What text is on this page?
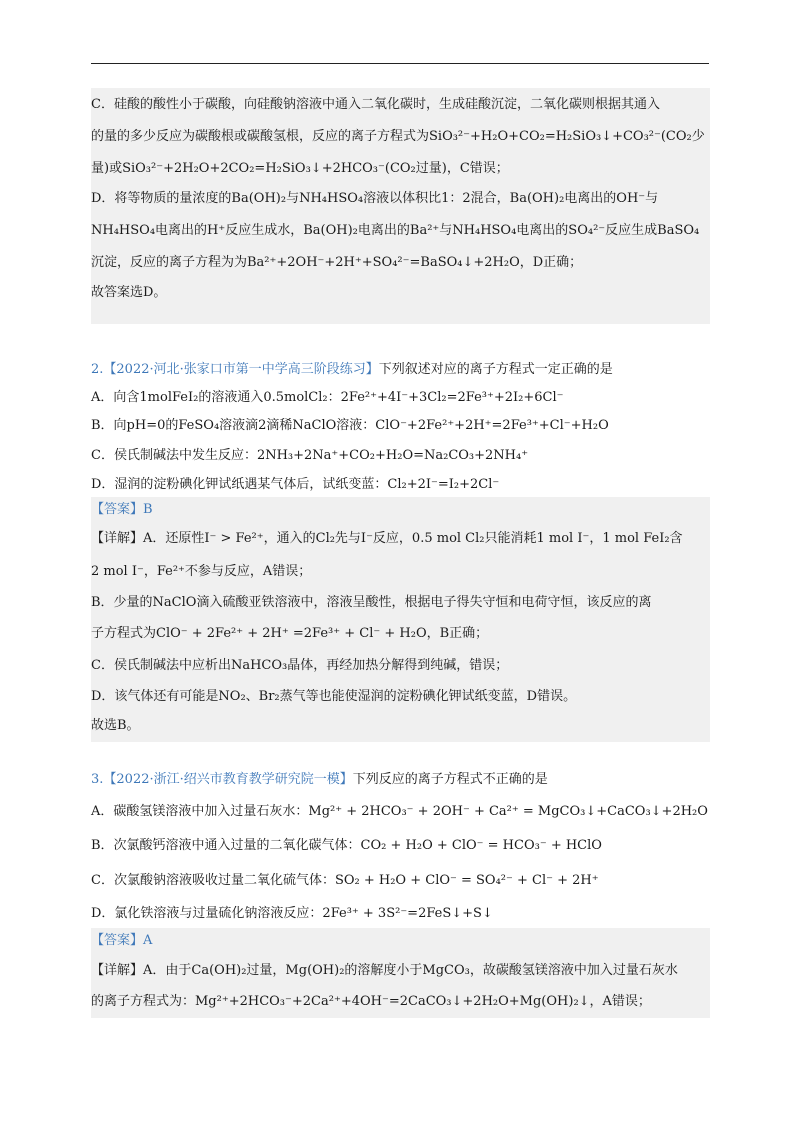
C．硅酸的酸性小于碳酸，向硅酸钠溶液中通入二氧化碳时，生成硅酸沉淀，二氧化碳则根据其通入
的量的多少反应为碳酸根或碳酸氢根，反应的离子方程式为SiO₃²⁻+H₂O+CO₂=H₂SiO₃↓+CO₃²⁻(CO₂少
量)或SiO₃²⁻+2H₂O+2CO₂=H₂SiO₃↓+2HCO₃⁻(CO₂过量)，C错误；
D．将等物质的量浓度的Ba(OH)₂与NH₄HSO₄溶液以体积比1：2混合，Ba(OH)₂电离出的OH⁻与
NH₄HSO₄电离出的H⁺反应生成水，Ba(OH)₂电离出的Ba²⁺与NH₄HSO₄电离出的SO₄²⁻反应生成BaSO₄
沉淀，反应的离子方程为为Ba²⁺+2OH⁻+2H⁺+SO₄²⁻=BaSO₄↓+2H₂O，D正确；
故答案选D。
2.【2022·河北·张家口市第一中学高三阶段练习】下列叙述对应的离子方程式一定正确的是
A．向含1molFeI₂的溶液通入0.5molCl₂：2Fe²⁺+4I⁻+3Cl₂=2Fe³⁺+2I₂+6Cl⁻
B．向pH=0的FeSO₄溶液滴2滴稀NaClO溶液：ClO⁻+2Fe²⁺+2H⁺=2Fe³⁺+Cl⁻+H₂O
C．侯氏制碱法中发生反应：2NH₃+2Na⁺+CO₂+H₂O=Na₂CO₃+2NH₄⁺
D．湿润的淀粉碘化钾试纸遇某气体后，试纸变蓝：Cl₂+2I⁻=I₂+2Cl⁻
【答案】B
【详解】A．还原性I⁻ > Fe²⁺，通入的Cl₂先与I⁻反应，0.5 mol Cl₂只能消耗1 mol I⁻，1 mol FeI₂含
2 mol I⁻，Fe²⁺不参与反应，A错误；
B．少量的NaClO滴入硫酸亚铁溶液中，溶液呈酸性，根据电子得失守恒和电荷守恒，该反应的离
子方程式为ClO⁻ + 2Fe²⁺ + 2H⁺ =2Fe³⁺ + Cl⁻ + H₂O，B正确；
C．侯氏制碱法中应析出NaHCO₃晶体，再经加热分解得到纯碱，错误；
D．该气体还有可能是NO₂、Br₂蒸气等也能使湿润的淀粉碘化钾试纸变蓝，D错误。
故选B。
3.【2022·浙江·绍兴市教育教学研究院一模】下列反应的离子方程式不正确的是
A．碳酸氢镁溶液中加入过量石灰水：Mg²⁺ + 2HCO₃⁻ + 2OH⁻ + Ca²⁺ = MgCO₃↓+CaCO₃↓+2H₂O
B．次氯酸钙溶液中通入过量的二氧化碳气体：CO₂ + H₂O + ClO⁻ = HCO₃⁻ + HClO
C．次氯酸钠溶液吸收过量二氧化硫气体：SO₂ + H₂O + ClO⁻ = SO₄²⁻ + Cl⁻ + 2H⁺
D．氯化铁溶液与过量硫化钠溶液反应：2Fe³⁺ + 3S²⁻=2FeS↓+S↓
【答案】A
【详解】A．由于Ca(OH)₂过量，Mg(OH)₂的溶解度小于MgCO₃，故碳酸氢镁溶液中加入过量石灰水
的离子方程式为：Mg²⁺+2HCO₃⁻+2Ca²⁺+4OH⁻=2CaCO₃↓+2H₂O+Mg(OH)₂↓，A错误；
